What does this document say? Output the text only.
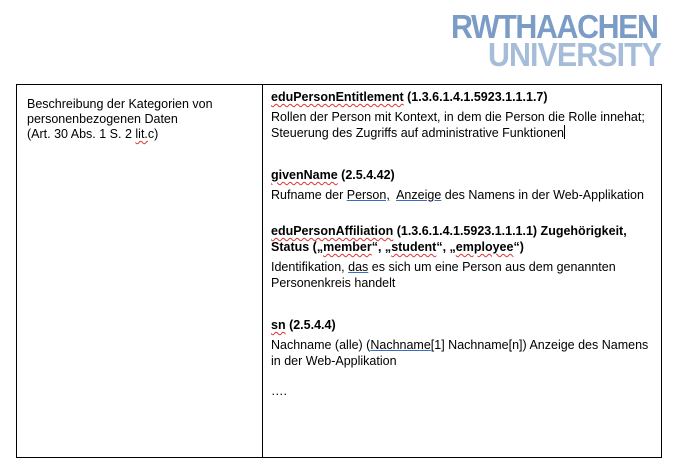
RWTHAACHEN
UNIVERSITY
Beschreibung der Kategorien von
personenbezogenen Daten
(Art. 30 Abs. 1 S. 2 lit.c)

eduPersonEntitlement (1.3.6.1.4.1.5923.1.1.1.7)

Rollen der Person mit Kontext, in dem die Person die Rolle innehat; Steuerung des Zugriffs auf administrative Funktionen

givenName (2.5.4.42)

Rufname der Person, Anzeige des Namens in der Web-Applikation

eduPersonAffiliation (1.3.6.1.4.1.5923.1.1.1.1) Zugehörigkeit, Status („member“, „student“, „employee“)

Identifikation, das es sich um eine Person aus dem genannten Personenkreis handelt

sn (2.5.4.4)

Nachname (alle) (Nachname[1] Nachname[n]) Anzeige des Namens in der Web-Applikation

….
